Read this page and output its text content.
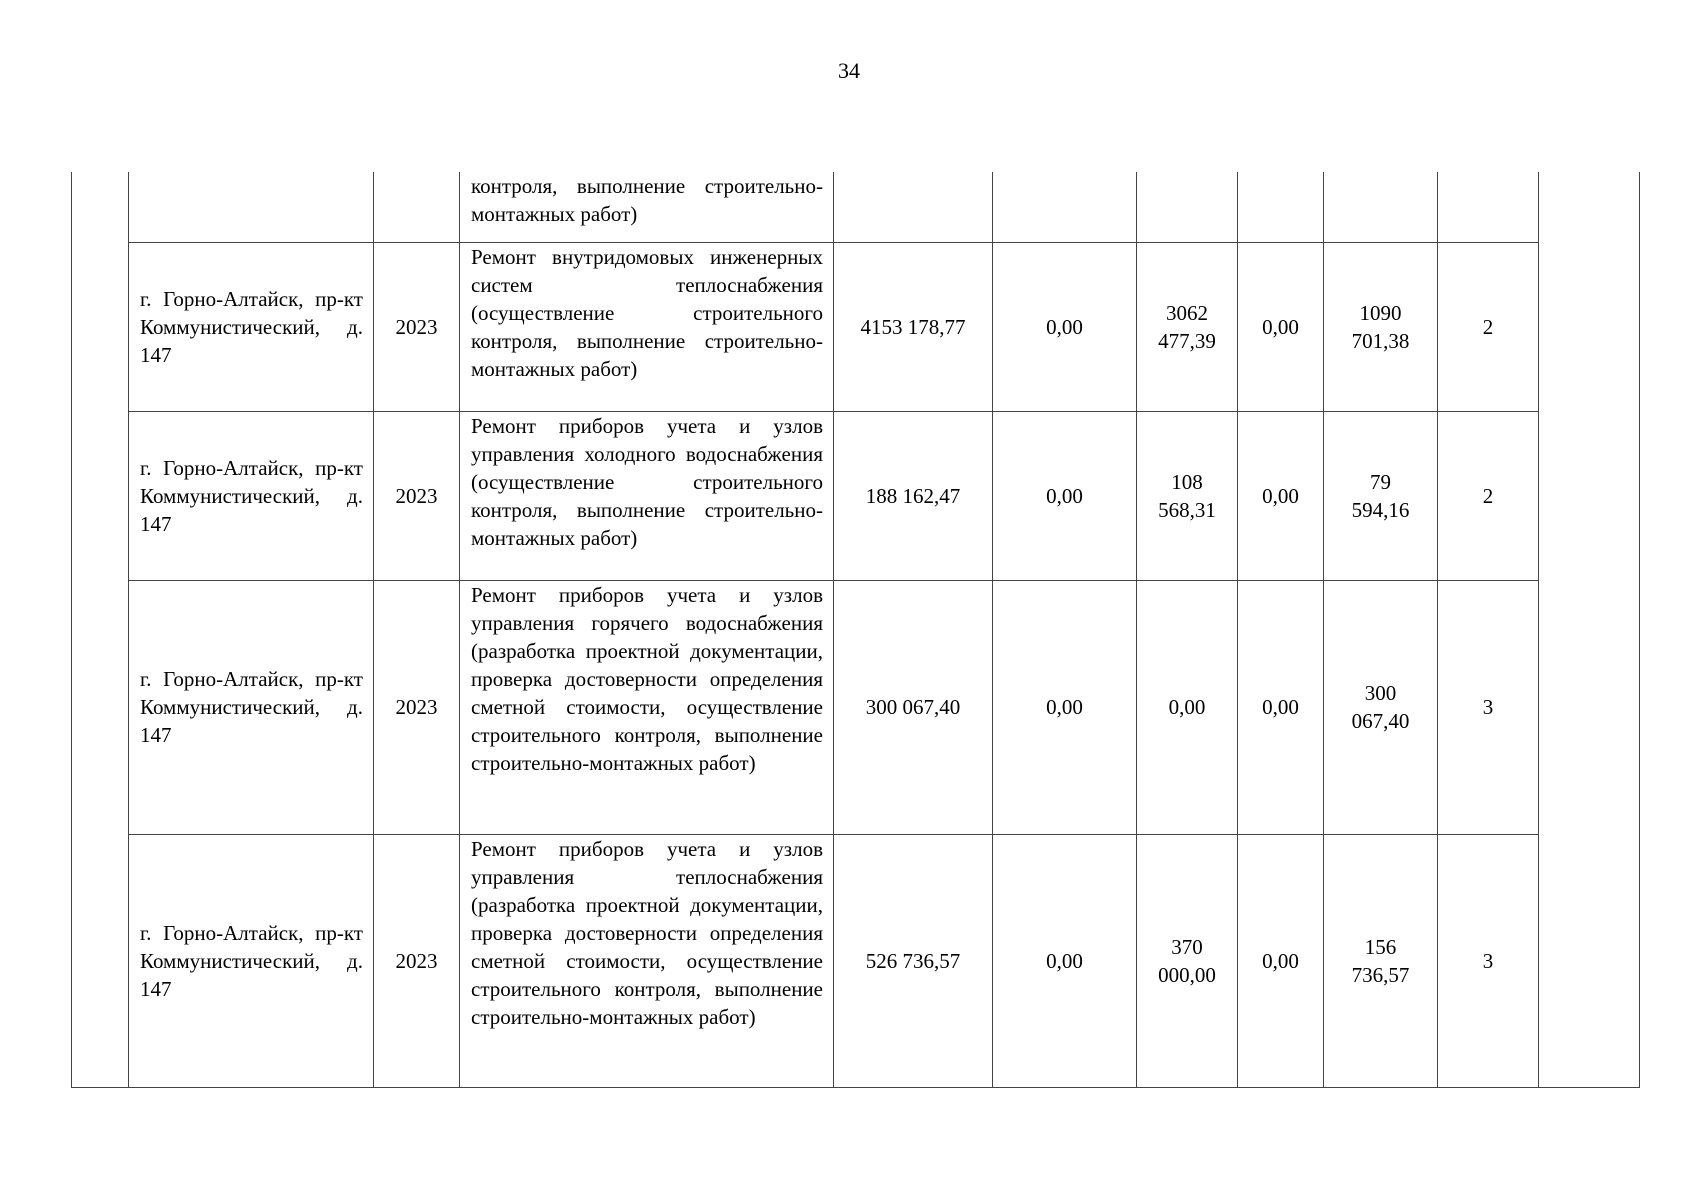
34
			контроля, выполнение строительно-монтажных работ)							
	г. Горно-Алтайск, пр-кт Коммунистический, д. 147	2023	Ремонт внутридомовых инженерных систем теплоснабжения (осуществление строительного контроля, выполнение строительно-монтажных работ)	4153 178,77	0,00	3062 477,39	0,00	1090 701,38	2	
	г. Горно-Алтайск, пр-кт Коммунистический, д. 147	2023	Ремонт приборов учета и узлов управления холодного водоснабжения (осуществление строительного контроля, выполнение строительно-монтажных работ)	188 162,47	0,00	108 568,31	0,00	79 594,16	2	
	г. Горно-Алтайск, пр-кт Коммунистический, д. 147	2023	Ремонт приборов учета и узлов управления горячего водоснабжения (разработка проектной документации, проверка достоверности определения сметной стоимости, осуществление строительного контроля, выполнение строительно-монтажных работ)	300 067,40	0,00	0,00	0,00	300 067,40	3	
	г. Горно-Алтайск, пр-кт Коммунистический, д. 147	2023	Ремонт приборов учета и узлов управления теплоснабжения (разработка проектной документации, проверка достоверности определения сметной стоимости, осуществление строительного контроля, выполнение строительно-монтажных работ)	526 736,57	0,00	370 000,00	0,00	156 736,57	3	
